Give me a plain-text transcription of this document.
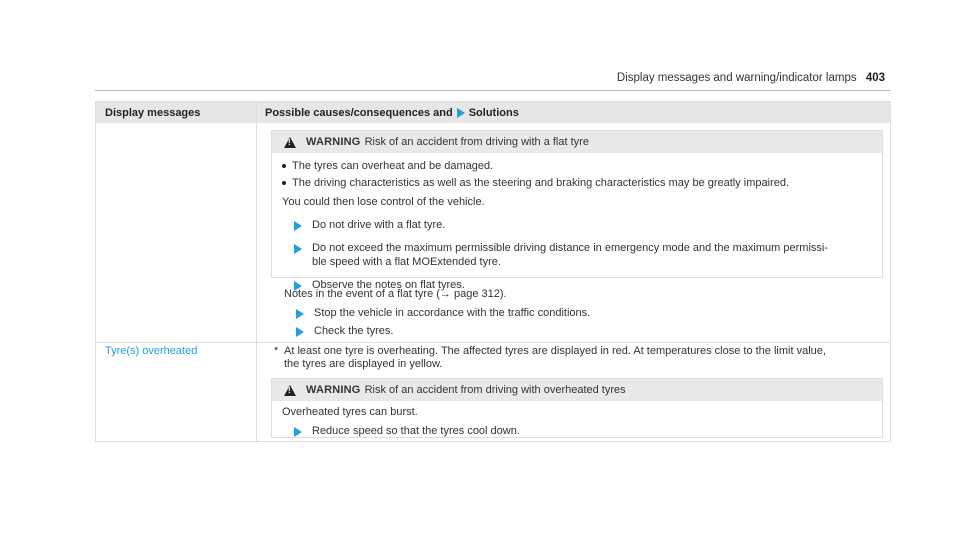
Display messages and warning/indicator lamps 403
Display messages	Possible causes/consequences and Solutions
!
WARNING Risk of an accident from driving with a flat tyre
The tyres can overheat and be damaged.
The driving characteristics as well as the steering and braking characteristics may be greatly impaired.
You could then lose control of the vehicle.
Do not drive with a flat tyre.
Do not exceed the maximum permissible driving distance in emergency mode and the maximum permissi-
ble speed with a flat MOExtended tyre.
Observe the notes on flat tyres.
Notes in the event of a flat tyre (→ page 312).
Stop the vehicle in accordance with the traffic conditions.
Check the tyres.
Tyre(s) overheated	* At least one tyre is overheating. The affected tyres are displayed in red. At temperatures close to the limit value,
the tyres are displayed in yellow.
!
WARNING Risk of an accident from driving with overheated tyres
Overheated tyres can burst.
Reduce speed so that the tyres cool down.
